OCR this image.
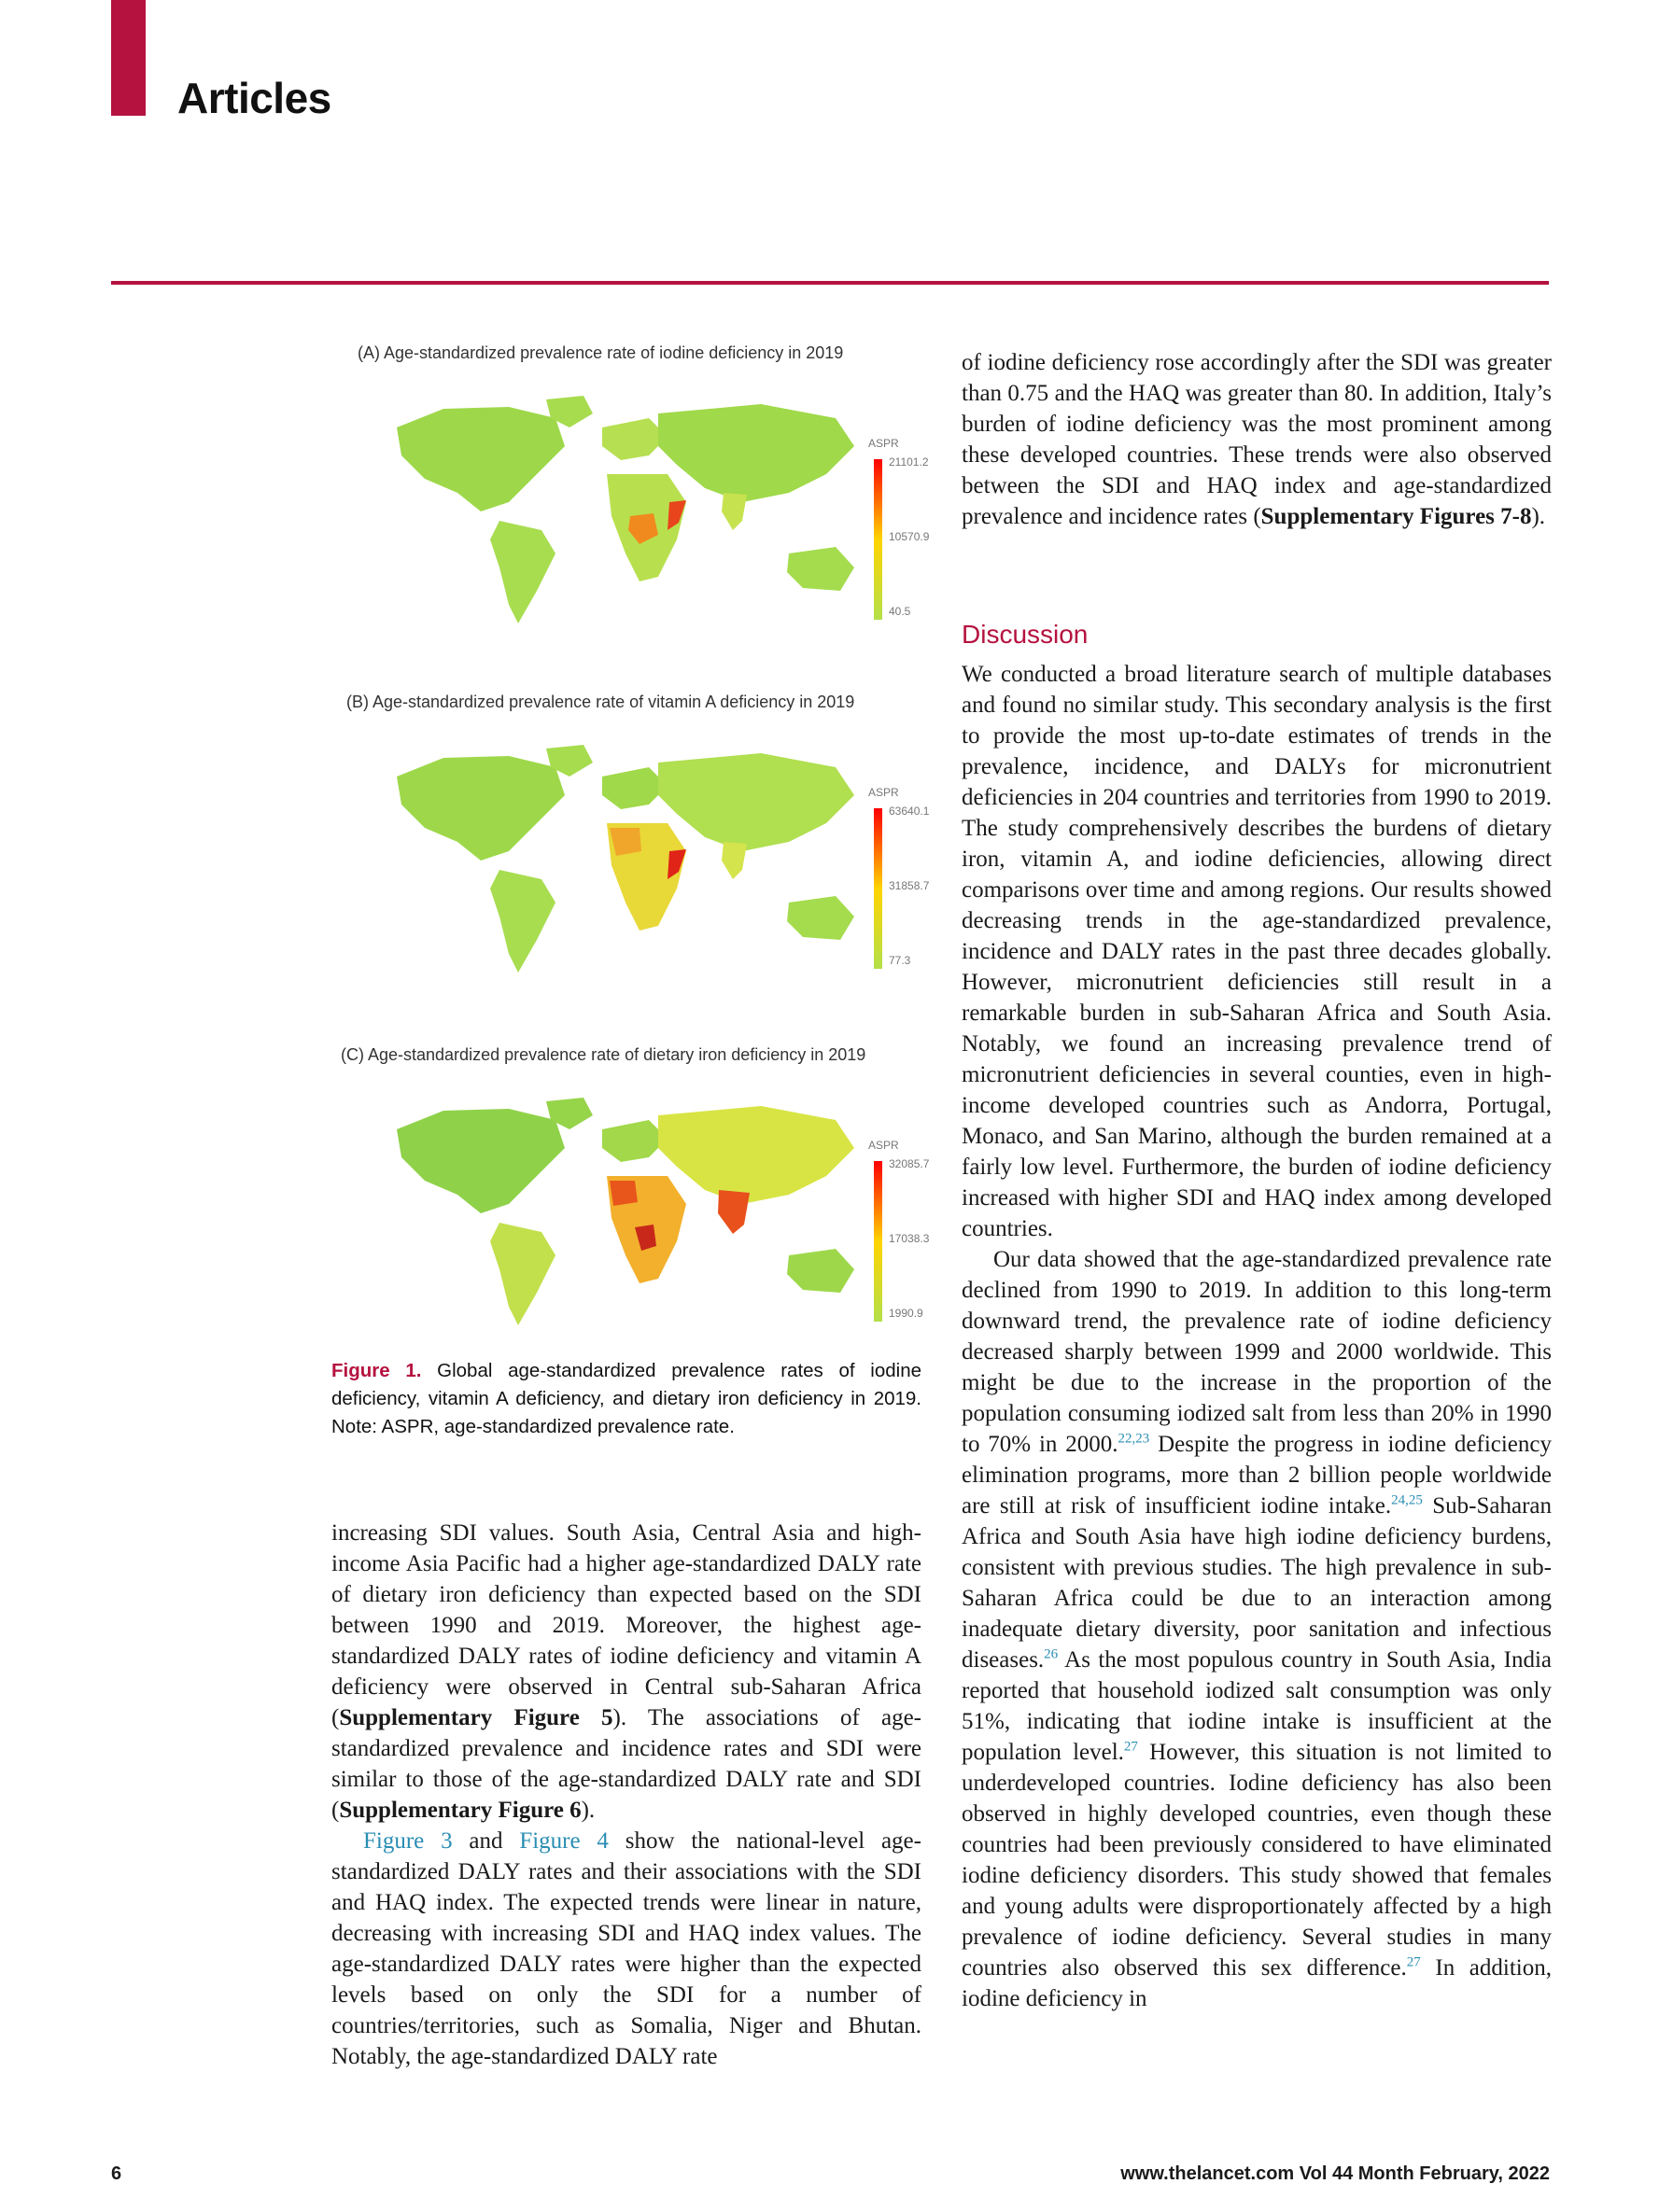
Articles
(A) Age-standardized prevalence rate of iodine deficiency in 2019
ASPR
21101.2
10570.9
40.5
(B) Age-standardized prevalence rate of vitamin A deficiency in 2019
ASPR
63640.1
31858.7
77.3
(C) Age-standardized prevalence rate of dietary iron deficiency in 2019
ASPR
32085.7
17038.3
1990.9
Figure 1. Global age-standardized prevalence rates of iodine deficiency, vitamin A deficiency, and dietary iron deficiency in 2019. Note: ASPR, age-standardized prevalence rate.

increasing SDI values. South Asia, Central Asia and high-income Asia Pacific had a higher age-standardized DALY rate of dietary iron deficiency than expected based on the SDI between 1990 and 2019. Moreover, the highest age-standardized DALY rates of iodine deficiency and vitamin A deficiency were observed in Central sub-Saharan Africa (Supplementary Figure 5). The associations of age-standardized prevalence and incidence rates and SDI were similar to those of the age-standardized DALY rate and SDI (Supplementary Figure 6).

Figure 3 and Figure 4 show the national-level age-standardized DALY rates and their associations with the SDI and HAQ index. The expected trends were linear in nature, decreasing with increasing SDI and HAQ index values. The age-standardized DALY rates were higher than the expected levels based on only the SDI for a number of countries/territories, such as Somalia, Niger and Bhutan. Notably, the age-standardized DALY rate

of iodine deficiency rose accordingly after the SDI was greater than 0.75 and the HAQ was greater than 80. In addition, Italy’s burden of iodine deficiency was the most prominent among these developed countries. These trends were also observed between the SDI and HAQ index and age-standardized prevalence and incidence rates (Supplementary Figures 7-8).

Discussion

We conducted a broad literature search of multiple databases and found no similar study. This secondary analysis is the first to provide the most up-to-date estimates of trends in the prevalence, incidence, and DALYs for micronutrient deficiencies in 204 countries and territories from 1990 to 2019. The study comprehensively describes the burdens of dietary iron, vitamin A, and iodine deficiencies, allowing direct comparisons over time and among regions. Our results showed decreasing trends in the age-standardized prevalence, incidence and DALY rates in the past three decades globally. However, micronutrient deficiencies still result in a remarkable burden in sub-Saharan Africa and South Asia. Notably, we found an increasing prevalence trend of micronutrient deficiencies in several counties, even in high-income developed countries such as Andorra, Portugal, Monaco, and San Marino, although the burden remained at a fairly low level. Furthermore, the burden of iodine deficiency increased with higher SDI and HAQ index among developed countries.

Our data showed that the age-standardized prevalence rate declined from 1990 to 2019. In addition to this long-term downward trend, the prevalence rate of iodine deficiency decreased sharply between 1999 and 2000 worldwide. This might be due to the increase in the proportion of the population consuming iodized salt from less than 20% in 1990 to 70% in 2000.$^{22,23}$ Despite the progress in iodine deficiency elimination programs, more than 2 billion people worldwide are still at risk of insufficient iodine intake.$^{24,25}$ Sub-Saharan Africa and South Asia have high iodine deficiency burdens, consistent with previous studies. The high prevalence in sub-Saharan Africa could be due to an interaction among inadequate dietary diversity, poor sanitation and infectious diseases.$^{26}$ As the most populous country in South Asia, India reported that household iodized salt consumption was only 51%, indicating that iodine intake is insufficient at the population level.$^{27}$ However, this situation is not limited to underdeveloped countries. Iodine deficiency has also been observed in highly developed countries, even though these countries had been previously considered to have eliminated iodine deficiency disorders. This study showed that females and young adults were disproportionately affected by a high prevalence of iodine deficiency. Several studies in many countries also observed this sex difference.$^{27}$ In addition, iodine deficiency in

6	www.thelancet.com Vol 44 Month February, 2022
